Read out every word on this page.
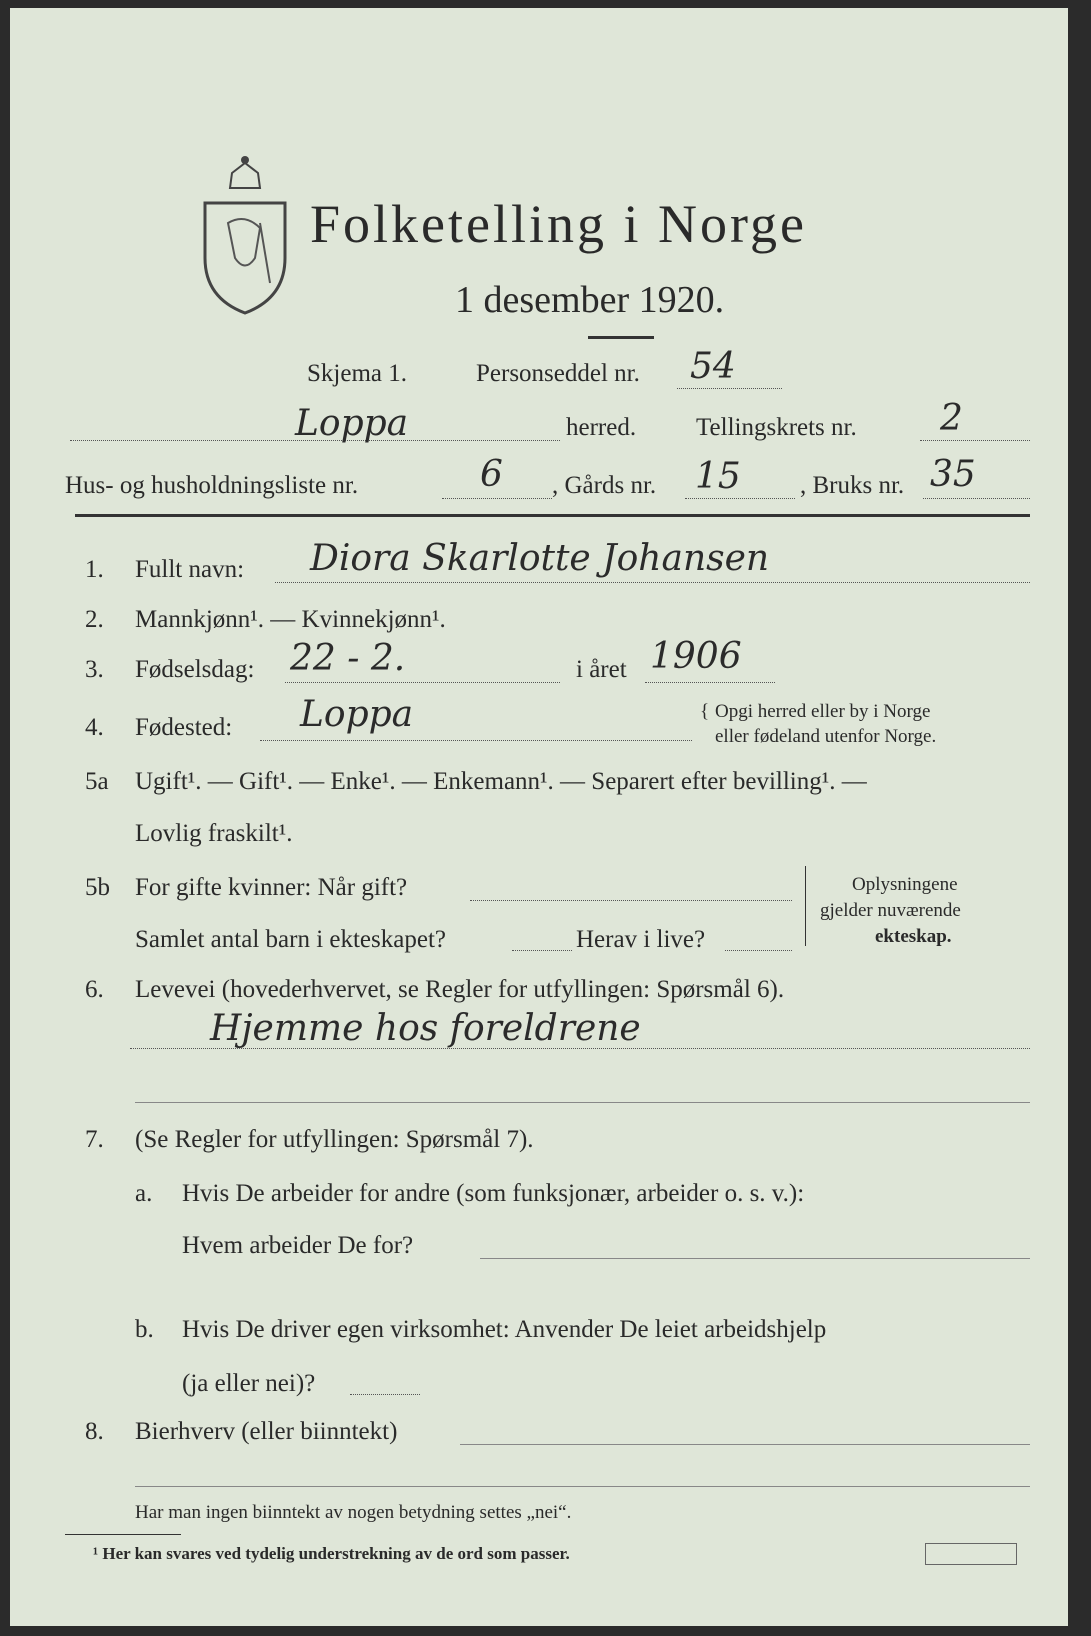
Folketelling i Norge
1 desember 1920.
Skjema 1.	Personseddel nr. 54
Loppa	herred. Tellingskrets nr. 2
Hus- og husholdningsliste nr.	6 , Gårds nr. 15 , Bruks nr. 35
1. Fullt navn: Diora Skarlotte Johansen
2. Mannkjønn¹. — Kvinnekjønn¹.
3. Fødselsdag: 22 - 2.	i året 1906
4. Fødested: Loppa	{ Opgi herred eller by i Norge
eller fødeland utenfor Norge.
5a Ugift¹. — Gift¹. — Enke¹. — Enkemann¹. — Separert efter bevilling¹. —
Lovlig fraskilt¹.
5b For gifte kvinner: Når gift?
Samlet antal barn i ekteskapet?	Herav i live?
Oplysningene
gjelder nuværende
ekteskap.
6. Levevei (hovederhvervet, se Regler for utfyllingen: Spørsmål 6).
Hjemme hos foreldrene
7. (Se Regler for utfyllingen: Spørsmål 7).
a. Hvis De arbeider for andre (som funksjonær, arbeider o. s. v.):
Hvem arbeider De for?
b. Hvis De driver egen virksomhet: Anvender De leiet arbeidshjelp
(ja eller nei)?
8. Bierhverv (eller biinntekt)
Har man ingen biinntekt av nogen betydning settes „nei“.
¹ Her kan svares ved tydelig understrekning av de ord som passer.
